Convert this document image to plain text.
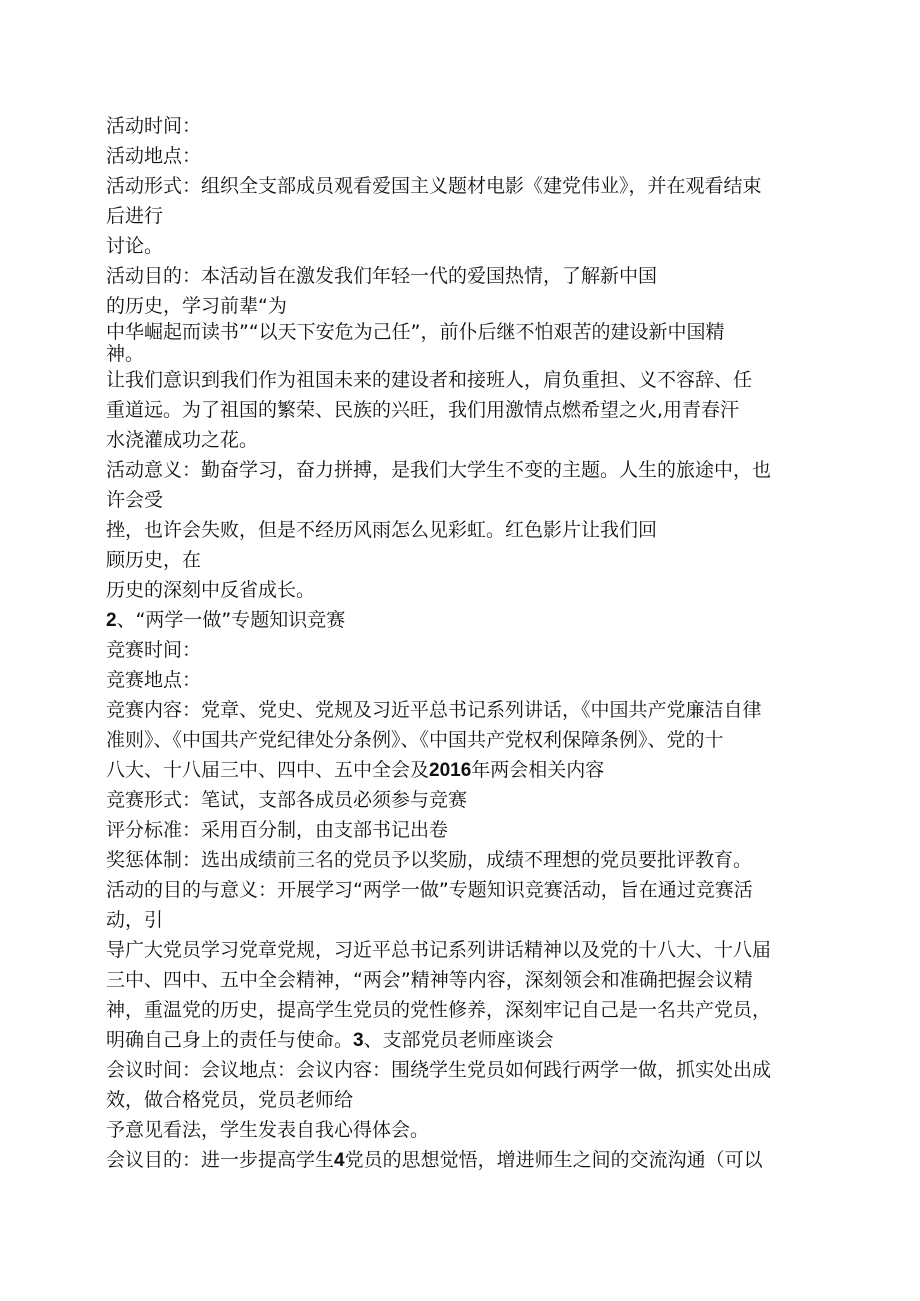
活动时间：
活动地点：
活动形式：组织全支部成员观看爱国主义题材电影《建党伟业》，并在观看结束
后进行
讨论。
活动目的：本活动旨在激发我们年轻一代的爱国热情，了解新中国
的历史，学习前辈“为
中华崛起而读书”“以天下安危为己任”，前仆后继不怕艰苦的建设新中国精
神。
让我们意识到我们作为祖国未来的建设者和接班人，肩负重担、义不容辞、任
重道远。为了祖国的繁荣、民族的兴旺，我们用激情点燃希望之火,用青春汗
水浇灌成功之花。
活动意义：勤奋学习，奋力拼搏，是我们大学生不变的主题。人生的旅途中，也
许会受
挫，也许会失败，但是不经历风雨怎么见彩虹。红色影片让我们回
顾历史，在
历史的深刻中反省成长。
2、“两学一做”专题知识竞赛
竞赛时间：
竞赛地点：
竞赛内容：党章、党史、党规及习近平总书记系列讲话，《中国共产党廉洁自律
准则》、《中国共产党纪律处分条例》、《中国共产党权利保障条例》、党的十
八大、十八届三中、四中、五中全会及2016年两会相关内容
竞赛形式：笔试，支部各成员必须参与竞赛
评分标准：采用百分制，由支部书记出卷
奖惩体制：选出成绩前三名的党员予以奖励，成绩不理想的党员要批评教育。
活动的目的与意义：开展学习“两学一做”专题知识竞赛活动，旨在通过竞赛活
动，引
导广大党员学习党章党规，习近平总书记系列讲话精神以及党的十八大、十八届
三中、四中、五中全会精神，“两会”精神等内容，深刻领会和准确把握会议精
神，重温党的历史，提高学生党员的党性修养，深刻牢记自己是一名共产党员，
明确自己身上的责任与使命。3、支部党员老师座谈会
会议时间：会议地点：会议内容：围绕学生党员如何践行两学一做，抓实处出成
效，做合格党员，党员老师给
予意见看法，学生发表自我心得体会。
会议目的：进一步提高学生4党员的思想觉悟，增进师生之间的交流沟通（可以
